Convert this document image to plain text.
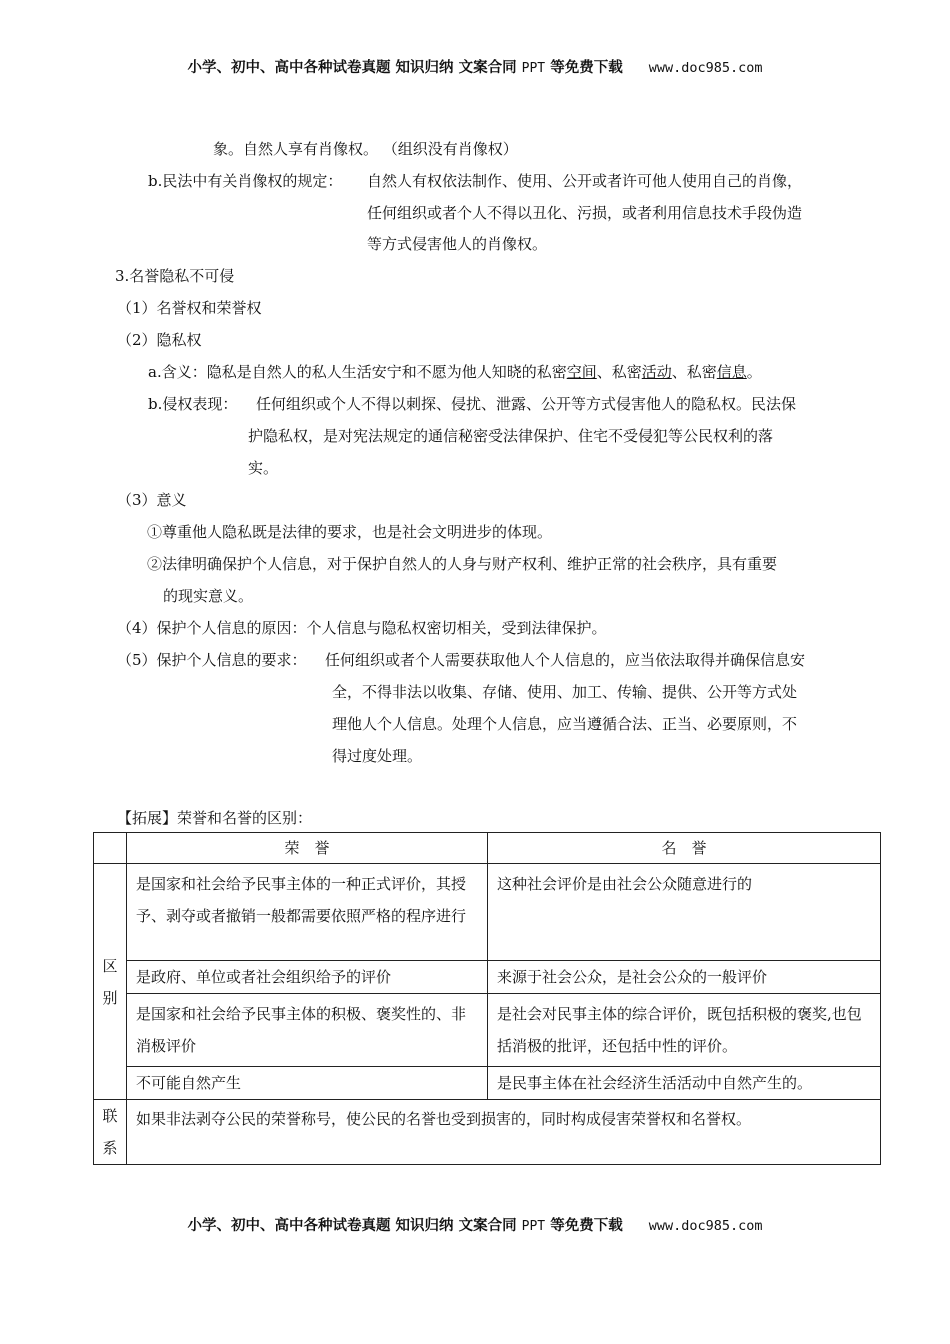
小学、初中、高中各种试卷真题 知识归纳 文案合同 PPT 等免费下载 www.doc985.com
象。自然人享有肖像权。 （组织没有肖像权）
b.民法中有关肖像权的规定： 自然人有权依法制作、使用、公开或者许可他人使用自己的肖像，
任何组织或者个人不得以丑化、污损，或者利用信息技术手段伪造
等方式侵害他人的肖像权。
3.名誉隐私不可侵
（1）名誉权和荣誉权
（2）隐私权
a.含义：隐私是自然人的私人生活安宁和不愿为他人知晓的私密空间、私密活动、私密信息。
b.侵权表现： 任何组织或个人不得以刺探、侵扰、泄露、公开等方式侵害他人的隐私权。民法保
护隐私权，是对宪法规定的通信秘密受法律保护、住宅不受侵犯等公民权利的落
实。
（3）意义
①尊重他人隐私既是法律的要求，也是社会文明进步的体现。
②法律明确保护个人信息，对于保护自然人的人身与财产权利、维护正常的社会秩序，具有重要
的现实意义。
（4）保护个人信息的原因：个人信息与隐私权密切相关，受到法律保护。
（5）保护个人信息的要求： 任何组织或者个人需要获取他人个人信息的，应当依法取得并确保信息安
全，不得非法以收集、存储、使用、加工、传输、提供、公开等方式处
理他人个人信息。处理个人信息，应当遵循合法、正当、必要原则，不
得过度处理。
【拓展】荣誉和名誉的区别：
	荣　誉	名　誉
区
别	是国家和社会给予民事主体的一种正式评价，其授予、剥夺或者撤销一般都需要依照严格的程序进行	这种社会评价是由社会公众随意进行的
	是政府、单位或者社会组织给予的评价	来源于社会公众，是社会公众的一般评价
	是国家和社会给予民事主体的积极、褒奖性的、非消极评价	是社会对民事主体的综合评价，既包括积极的褒奖,也包括消极的批评，还包括中性的评价。
	不可能自然产生	是民事主体在社会经济生活活动中自然产生的。
联
系	如果非法剥夺公民的荣誉称号，使公民的名誉也受到损害的，同时构成侵害荣誉权和名誉权。	
小学、初中、高中各种试卷真题 知识归纳 文案合同 PPT 等免费下载 www.doc985.com
